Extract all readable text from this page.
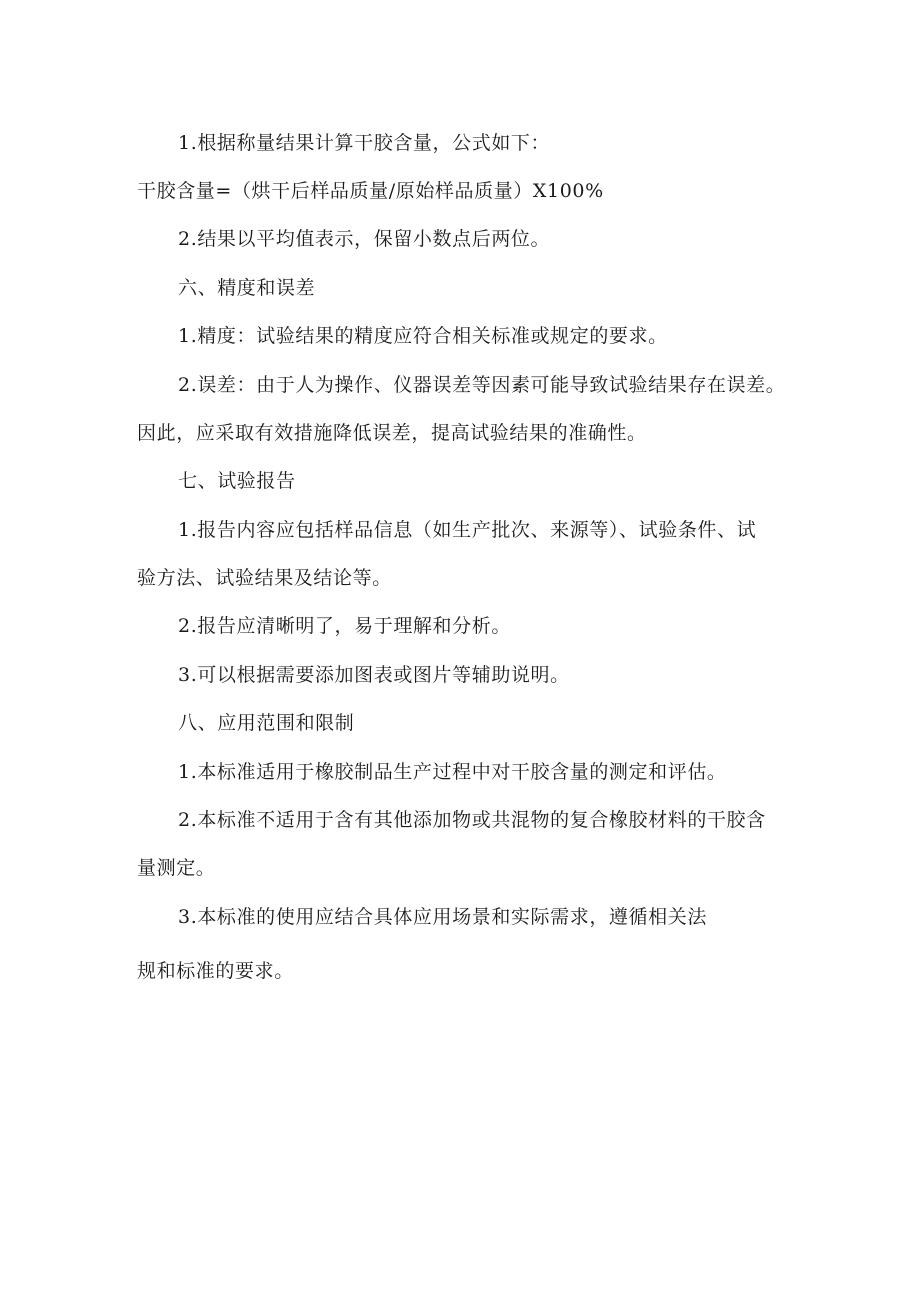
1.根据称量结果计算干胶含量，公式如下：
干胶含量=（烘干后样品质量/原始样品质量）X100%
2.结果以平均值表示，保留小数点后两位。
六、精度和误差
1.精度：试验结果的精度应符合相关标准或规定的要求。
2.误差：由于人为操作、仪器误差等因素可能导致试验结果存在误差。
因此，应采取有效措施降低误差，提高试验结果的准确性。
七、试验报告
1.报告内容应包括样品信息（如生产批次、来源等）、试验条件、试
验方法、试验结果及结论等。
2.报告应清晰明了，易于理解和分析。
3.可以根据需要添加图表或图片等辅助说明。
八、应用范围和限制
1.本标准适用于橡胶制品生产过程中对干胶含量的测定和评估。
2.本标准不适用于含有其他添加物或共混物的复合橡胶材料的干胶含
量测定。
3.本标准的使用应结合具体应用场景和实际需求，遵循相关法
规和标准的要求。
